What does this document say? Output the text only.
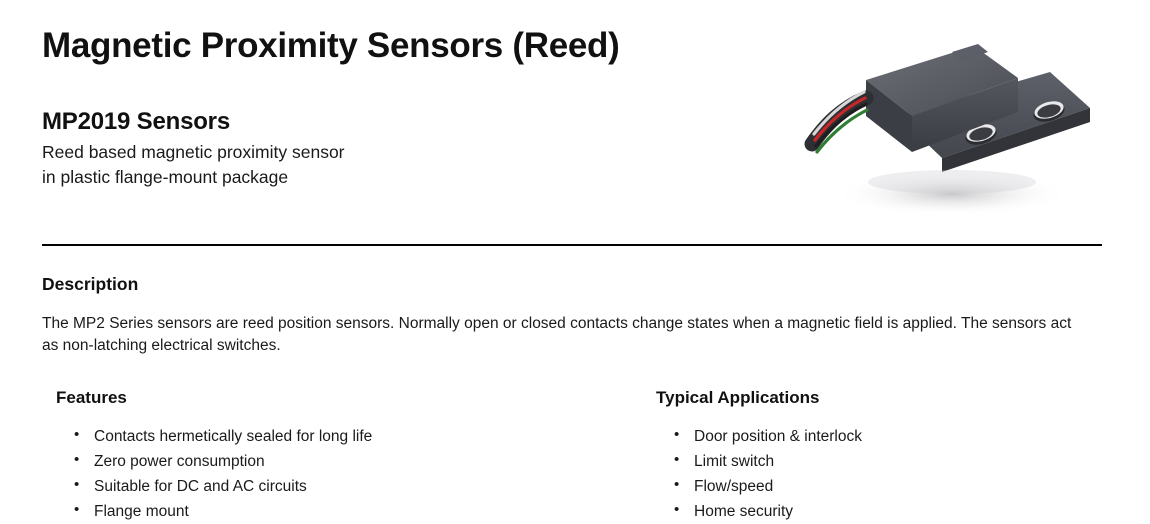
Magnetic Proximity Sensors (Reed)
MP2019 Sensors

Reed based magnetic proximity sensor

in plastic flange-mount package

Description

The MP2 Series sensors are reed position sensors. Normally open or closed contacts change states when a magnetic field is applied. The sensors act as non-latching electrical switches.

Features
• Contacts hermetically sealed for long life
• Zero power consumption
• Suitable for DC and AC circuits
• Flange mount
Typical Applications
• Door position & interlock
• Limit switch
• Flow/speed
• Home security
